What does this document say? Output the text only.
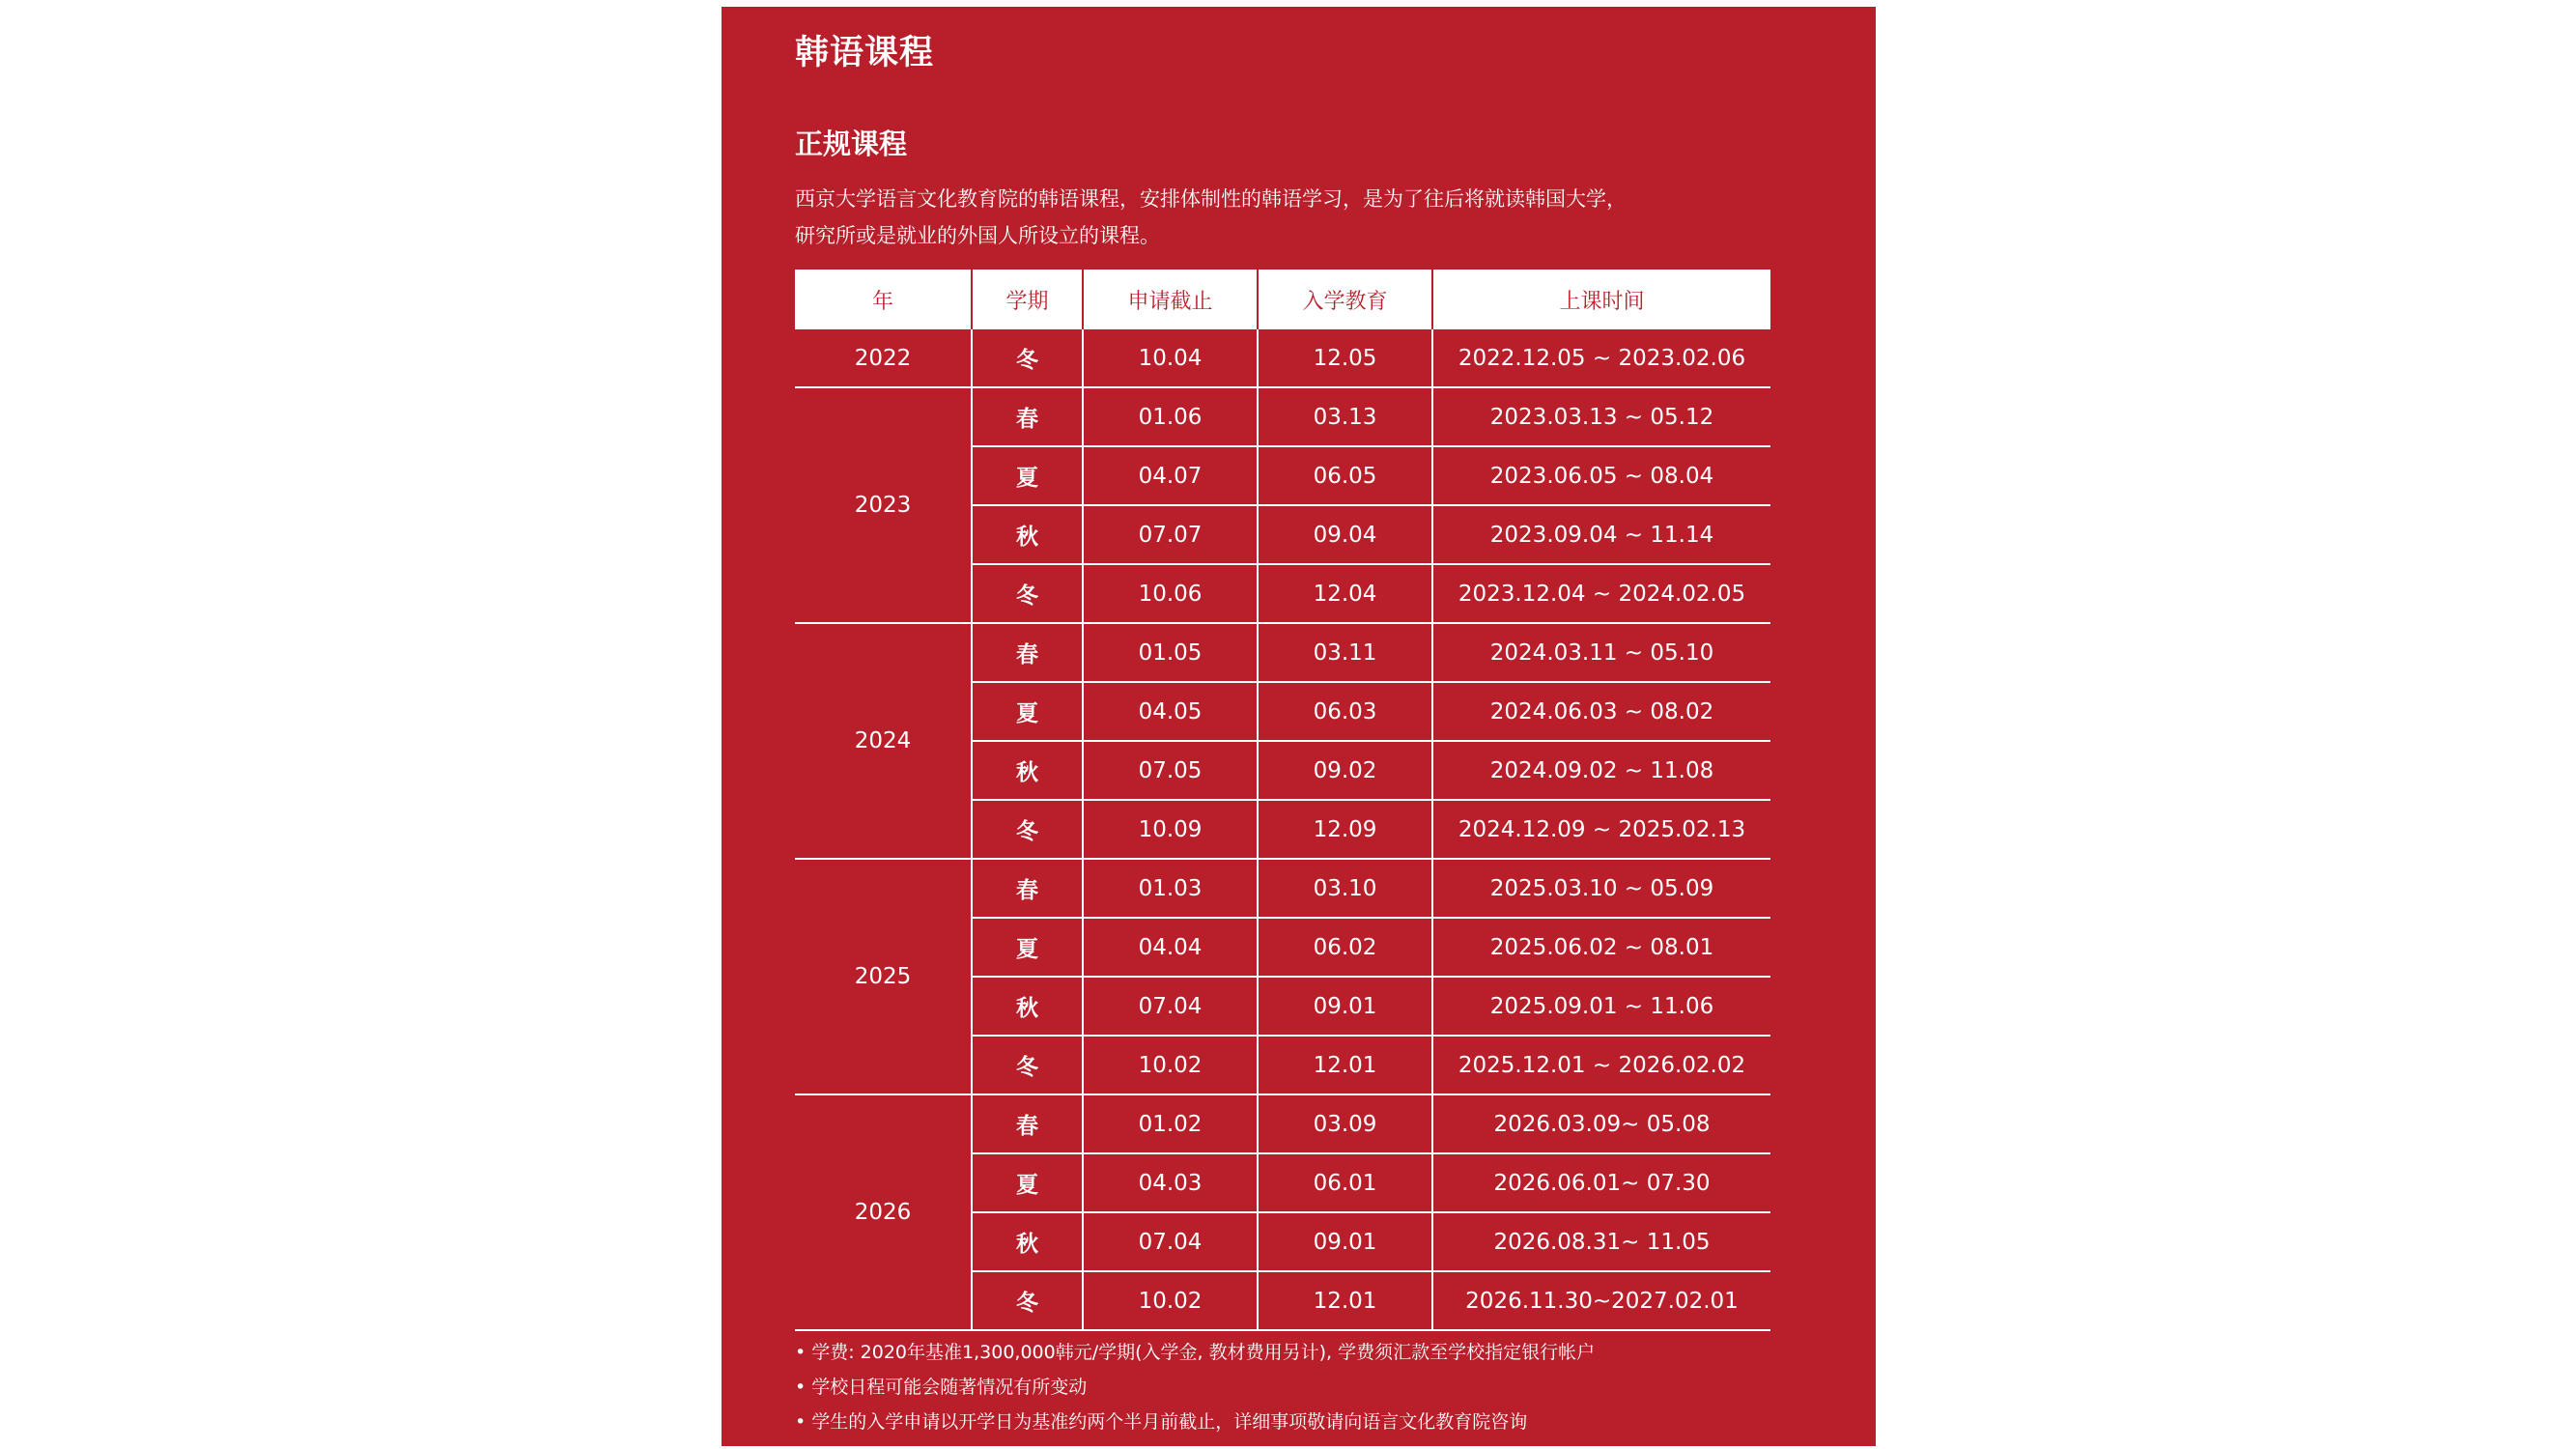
韩语课程
正规课程
西京大学语言文化教育院的韩语课程，安排体制性的韩语学习，是为了往后将就读韩国大学，
研究所或是就业的外国人所设立的课程。
年	学期	申请截止	入学教育	上课时间
2022	冬	10.04	12.05	2022.12.05 ~ 2023.02.06
2023	春	01.06	03.13	2023.03.13 ~ 05.12
	夏	04.07	06.05	2023.06.05 ~ 08.04
	秋	07.07	09.04	2023.09.04 ~ 11.14
	冬	10.06	12.04	2023.12.04 ~ 2024.02.05
2024	春	01.05	03.11	2024.03.11 ~ 05.10
	夏	04.05	06.03	2024.06.03 ~ 08.02
	秋	07.05	09.02	2024.09.02 ~ 11.08
	冬	10.09	12.09	2024.12.09 ~ 2025.02.13
2025	春	01.03	03.10	2025.03.10 ~ 05.09
	夏	04.04	06.02	2025.06.02 ~ 08.01
	秋	07.04	09.01	2025.09.01 ~ 11.06
	冬	10.02	12.01	2025.12.01 ~ 2026.02.02
2026	春	01.02	03.09	2026.03.09~ 05.08
	夏	04.03	06.01	2026.06.01~ 07.30
	秋	07.04	09.01	2026.08.31~ 11.05
	冬	10.02	12.01	2026.11.30~2027.02.01
• 学费: 2020年基准1,300,000韩元/学期(入学金, 教材费用另计), 学费须汇款至学校指定银行帐户
• 学校日程可能会随著情况有所变动
• 学生的入学申请以开学日为基准约两个半月前截止，详细事项敬请向语言文化教育院咨询
